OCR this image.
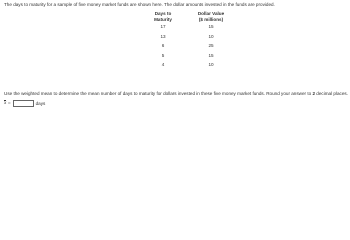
The days to maturity for a sample of five money market funds are shown here. The dollar amounts invested in the funds are provided.
Days to
Maturity
Dollar Value
($ millions)
17	15
13	10
6	25
5	15
4	10
Use the weighted mean to determine the mean number of days to maturity for dollars invested in these five money market funds. Round your answer to 2 decimal places.
x =	days
